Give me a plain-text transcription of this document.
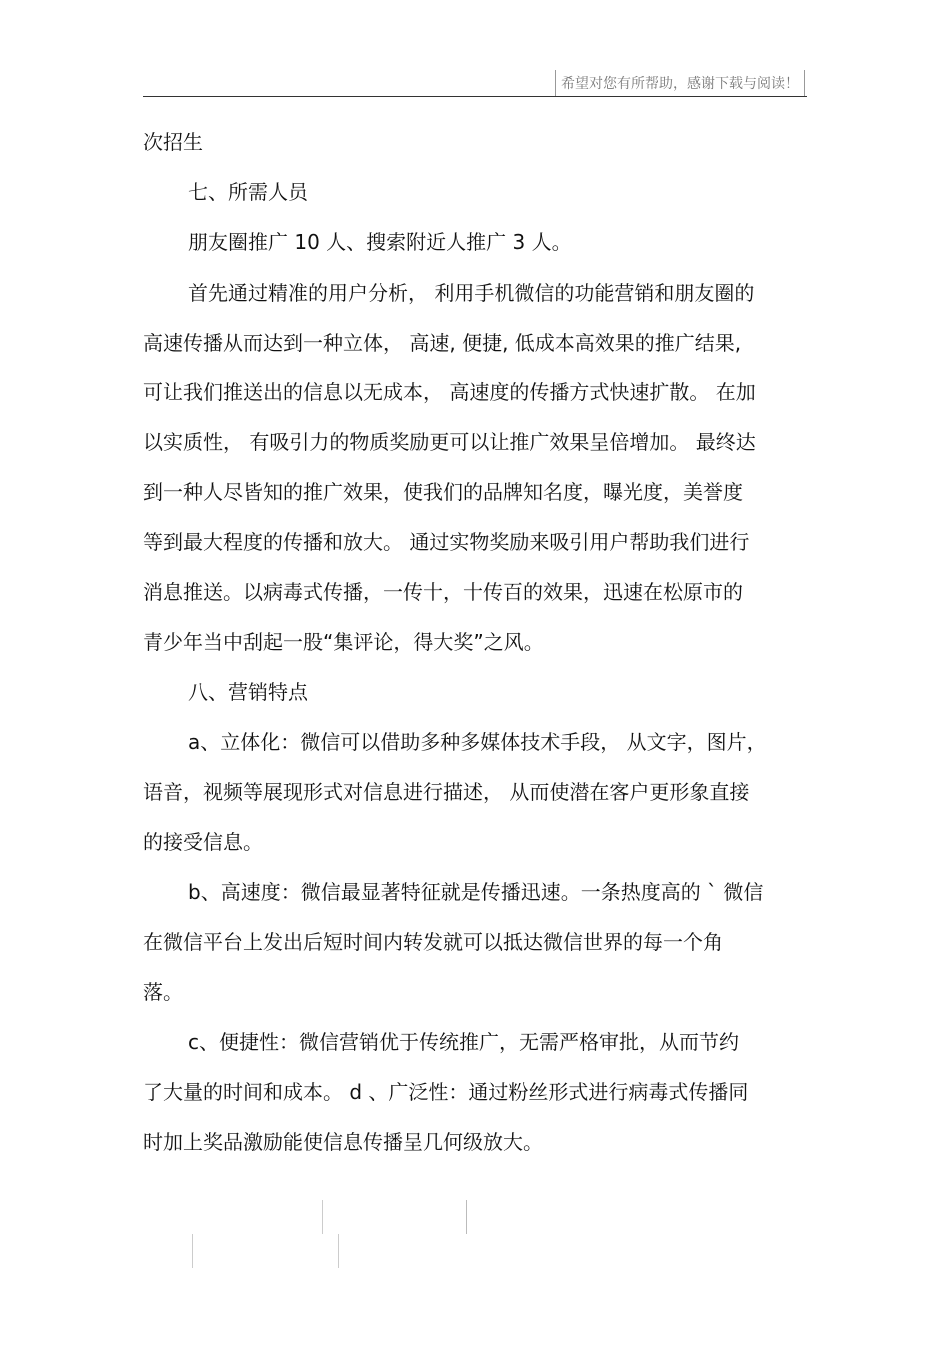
希望对您有所帮助，感谢下载与阅读！
次招生
七、所需人员
朋友圈推广 10 人、搜索附近人推广 3 人。
首先通过精准的用户分析， 利用手机微信的功能营销和朋友圈的
高速传播从而达到一种立体， 高速, 便捷, 低成本高效果的推广结果,
可让我们推送出的信息以无成本， 高速度的传播方式快速扩散。 在加
以实质性， 有吸引力的物质奖励更可以让推广效果呈倍增加。 最终达
到一种人尽皆知的推广效果，使我们的品牌知名度，曝光度，美誉度
等到最大程度的传播和放大。 通过实物奖励来吸引用户帮助我们进行
消息推送。以病毒式传播，一传十，十传百的效果，迅速在松原市的
青少年当中刮起一股“集评论，得大奖”之风。
八、营销特点
a、立体化：微信可以借助多种多媒体技术手段， 从文字，图片，
语音，视频等展现形式对信息进行描述， 从而使潜在客户更形象直接
的接受信息。
b、高速度：微信最显著特征就是传播迅速。一条热度高的 ` 微信
在微信平台上发出后短时间内转发就可以抵达微信世界的每一个角
落。
c、便捷性：微信营销优于传统推广，无需严格审批，从而节约
了大量的时间和成本。 d 、广泛性：通过粉丝形式进行病毒式传播同
时加上奖品激励能使信息传播呈几何级放大。
